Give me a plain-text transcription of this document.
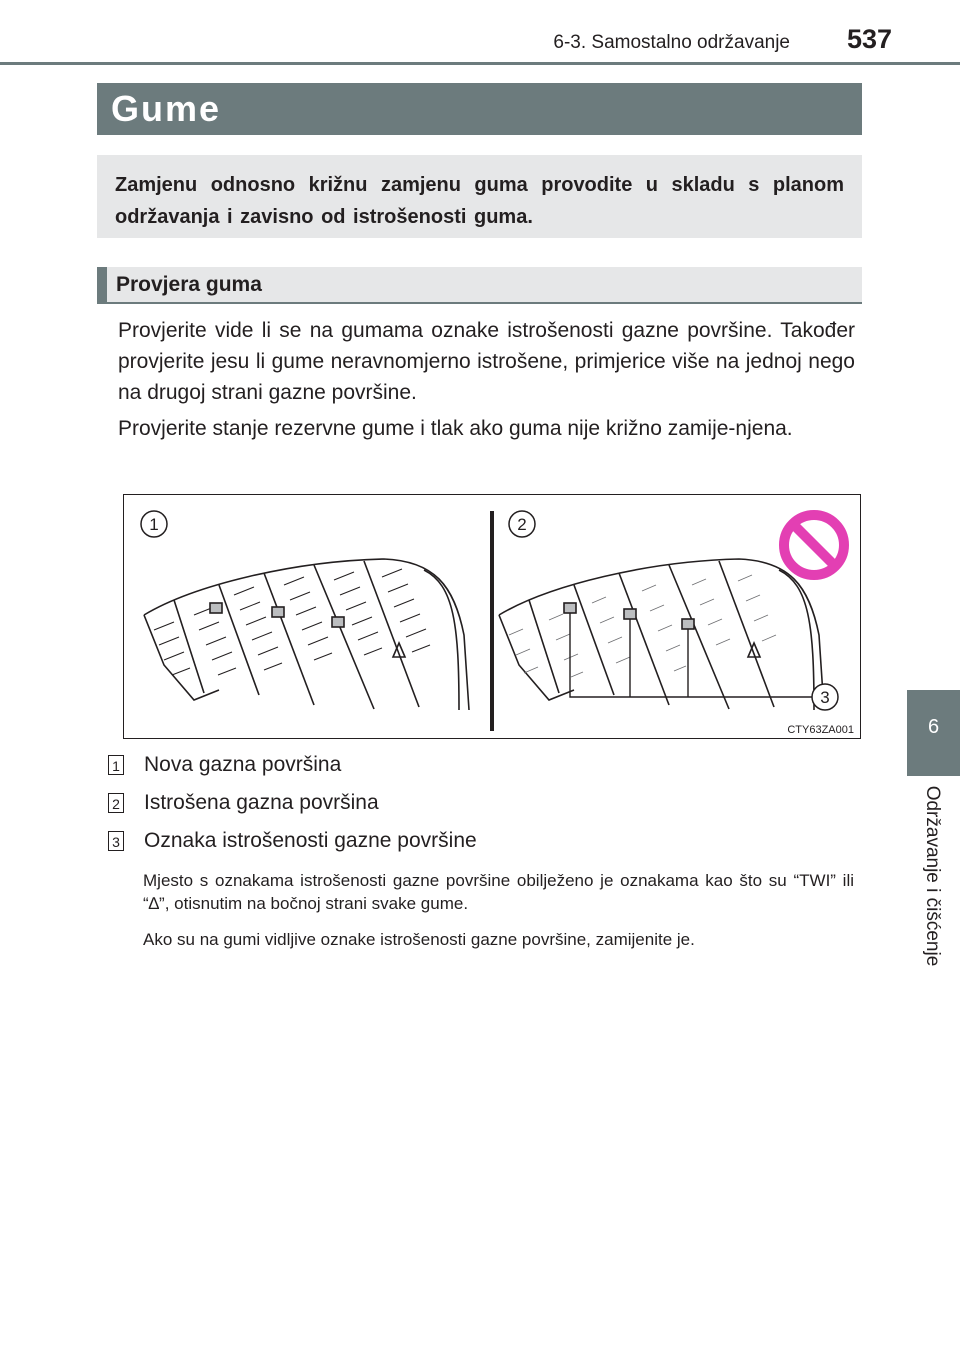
6-3. Samostalno održavanje 537
6
Održavanje i čišćenje
Gume

Zamjenu odnosno križnu zamjenu guma provodite u skladu s planom održavanja i zavisno od istrošenosti guma.

Provjera guma

Provjerite vide li se na gumama oznake istrošenosti gazne površine. Također provjerite jesu li gume neravnomjerno istrošene, primjerice više na jednoj nego na drugoj strani gazne površine.

Provjerite stanje rezervne gume i tlak ako guma nije križno zamije-njena.

1	2
3
CTY63ZA001
1 Nova gazna površina
2 Istrošena gazna površina
3 Oznaka istrošenosti gazne površine

Mjesto s oznakama istrošenosti gazne površine obilježeno je oznakama kao što su “TWI” ili “∆”, otisnutim na bočnoj strani svake gume.

Ako su na gumi vidljive oznake istrošenosti gazne površine, zamijenite je.
